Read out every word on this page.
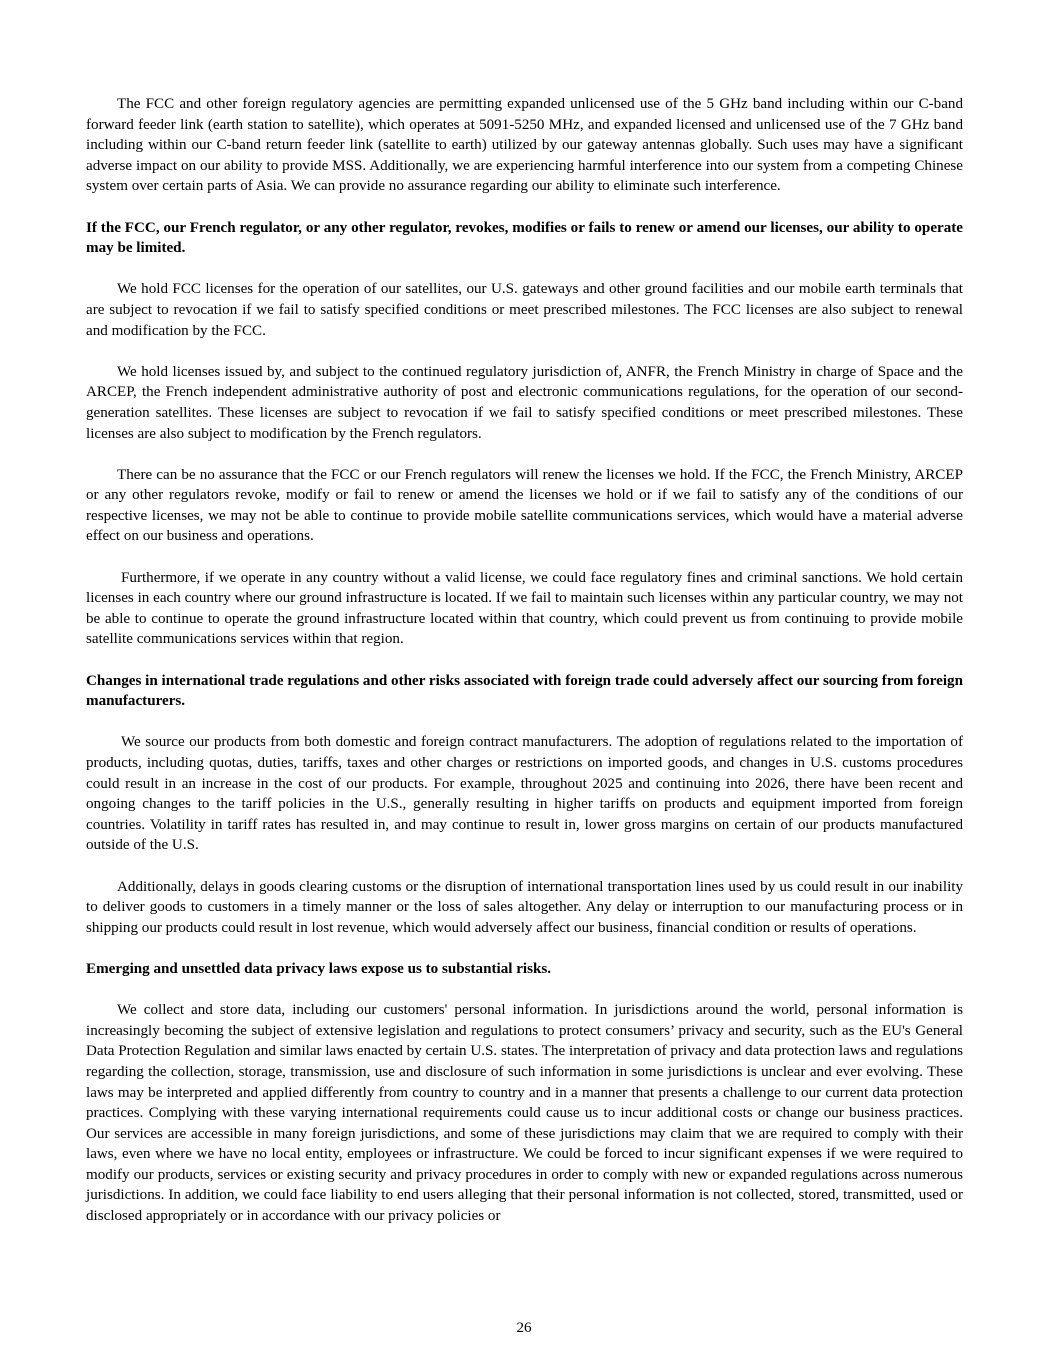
The FCC and other foreign regulatory agencies are permitting expanded unlicensed use of the 5 GHz band including within our C-band forward feeder link (earth station to satellite), which operates at 5091-5250 MHz, and expanded licensed and unlicensed use of the 7 GHz band including within our C-band return feeder link (satellite to earth) utilized by our gateway antennas globally. Such uses may have a significant adverse impact on our ability to provide MSS. Additionally, we are experiencing harmful interference into our system from a competing Chinese system over certain parts of Asia. We can provide no assurance regarding our ability to eliminate such interference.

If the FCC, our French regulator, or any other regulator, revokes, modifies or fails to renew or amend our licenses, our ability to operate may be limited.

We hold FCC licenses for the operation of our satellites, our U.S. gateways and other ground facilities and our mobile earth terminals that are subject to revocation if we fail to satisfy specified conditions or meet prescribed milestones. The FCC licenses are also subject to renewal and modification by the FCC.

We hold licenses issued by, and subject to the continued regulatory jurisdiction of, ANFR, the French Ministry in charge of Space and the ARCEP, the French independent administrative authority of post and electronic communications regulations, for the operation of our second-generation satellites. These licenses are subject to revocation if we fail to satisfy specified conditions or meet prescribed milestones. These licenses are also subject to modification by the French regulators.

There can be no assurance that the FCC or our French regulators will renew the licenses we hold. If the FCC, the French Ministry, ARCEP or any other regulators revoke, modify or fail to renew or amend the licenses we hold or if we fail to satisfy any of the conditions of our respective licenses, we may not be able to continue to provide mobile satellite communications services, which would have a material adverse effect on our business and operations.

Furthermore, if we operate in any country without a valid license, we could face regulatory fines and criminal sanctions. We hold certain licenses in each country where our ground infrastructure is located. If we fail to maintain such licenses within any particular country, we may not be able to continue to operate the ground infrastructure located within that country, which could prevent us from continuing to provide mobile satellite communications services within that region.

Changes in international trade regulations and other risks associated with foreign trade could adversely affect our sourcing from foreign manufacturers.

We source our products from both domestic and foreign contract manufacturers. The adoption of regulations related to the importation of products, including quotas, duties, tariffs, taxes and other charges or restrictions on imported goods, and changes in U.S. customs procedures could result in an increase in the cost of our products. For example, throughout 2025 and continuing into 2026, there have been recent and ongoing changes to the tariff policies in the U.S., generally resulting in higher tariffs on products and equipment imported from foreign countries. Volatility in tariff rates has resulted in, and may continue to result in, lower gross margins on certain of our products manufactured outside of the U.S.

Additionally, delays in goods clearing customs or the disruption of international transportation lines used by us could result in our inability to deliver goods to customers in a timely manner or the loss of sales altogether. Any delay or interruption to our manufacturing process or in shipping our products could result in lost revenue, which would adversely affect our business, financial condition or results of operations.

Emerging and unsettled data privacy laws expose us to substantial risks.

We collect and store data, including our customers' personal information. In jurisdictions around the world, personal information is increasingly becoming the subject of extensive legislation and regulations to protect consumers’ privacy and security, such as the EU's General Data Protection Regulation and similar laws enacted by certain U.S. states. The interpretation of privacy and data protection laws and regulations regarding the collection, storage, transmission, use and disclosure of such information in some jurisdictions is unclear and ever evolving. These laws may be interpreted and applied differently from country to country and in a manner that presents a challenge to our current data protection practices. Complying with these varying international requirements could cause us to incur additional costs or change our business practices. Our services are accessible in many foreign jurisdictions, and some of these jurisdictions may claim that we are required to comply with their laws, even where we have no local entity, employees or infrastructure. We could be forced to incur significant expenses if we were required to modify our products, services or existing security and privacy procedures in order to comply with new or expanded regulations across numerous jurisdictions. In addition, we could face liability to end users alleging that their personal information is not collected, stored, transmitted, used or disclosed appropriately or in accordance with our privacy policies or

26
